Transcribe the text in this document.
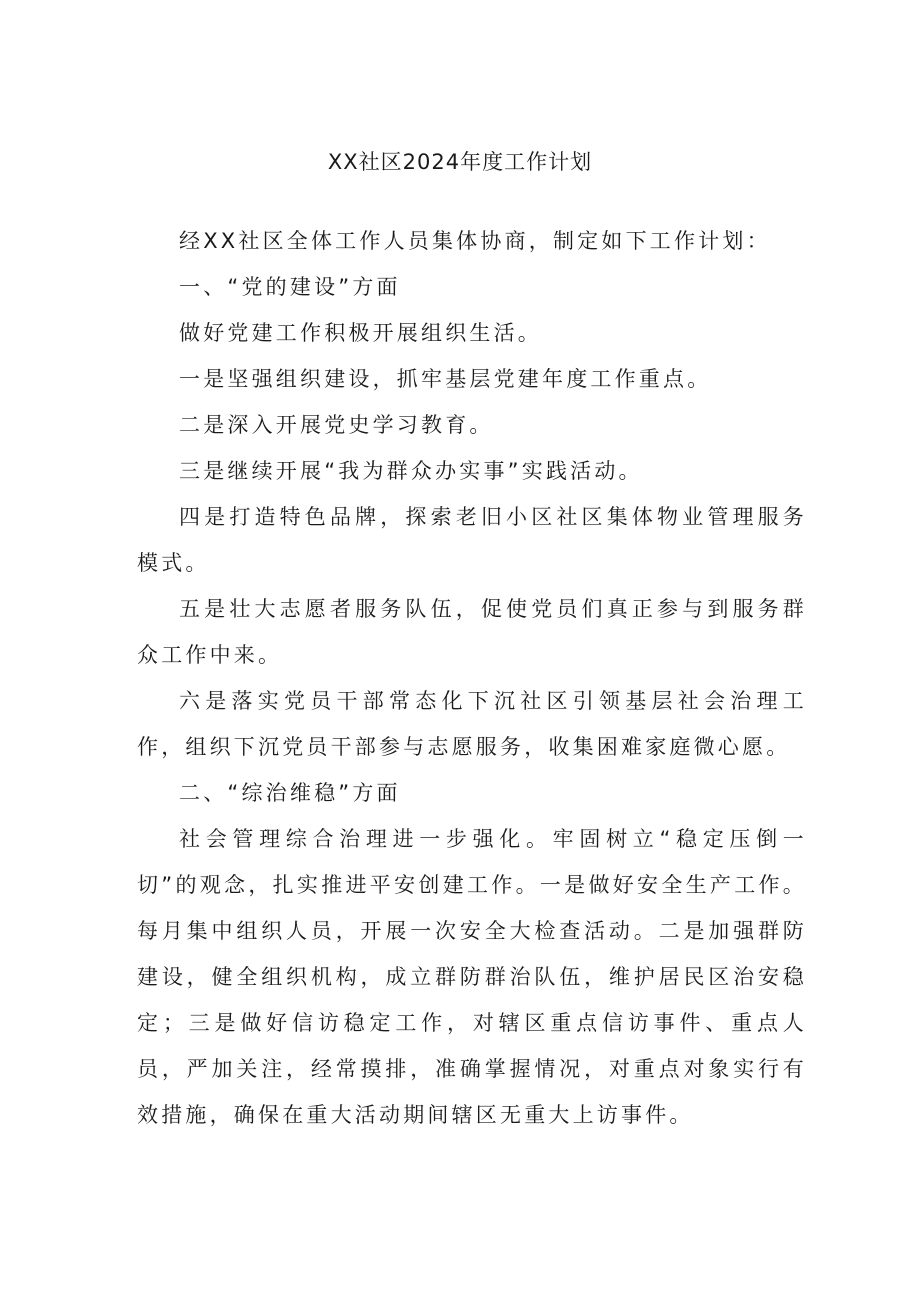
XX社区2024年度工作计划

经XX社区全体工作人员集体协商，制定如下工作计划：

一、“党的建设”方面

做好党建工作积极开展组织生活。

一是坚强组织建设，抓牢基层党建年度工作重点。

二是深入开展党史学习教育。

三是继续开展“我为群众办实事”实践活动。

四是打造特色品牌，探索老旧小区社区集体物业管理服务模式。

五是壮大志愿者服务队伍，促使党员们真正参与到服务群众工作中来。

六是落实党员干部常态化下沉社区引领基层社会治理工作，组织下沉党员干部参与志愿服务，收集困难家庭微心愿。

二、“综治维稳”方面

社会管理综合治理进一步强化。牢固树立“稳定压倒一切”的观念，扎实推进平安创建工作。一是做好安全生产工作。每月集中组织人员，开展一次安全大检查活动。二是加强群防建设，健全组织机构，成立群防群治队伍，维护居民区治安稳定；三是做好信访稳定工作，对辖区重点信访事件、重点人员，严加关注，经常摸排，准确掌握情况，对重点对象实行有效措施，确保在重大活动期间辖区无重大上访事件。
